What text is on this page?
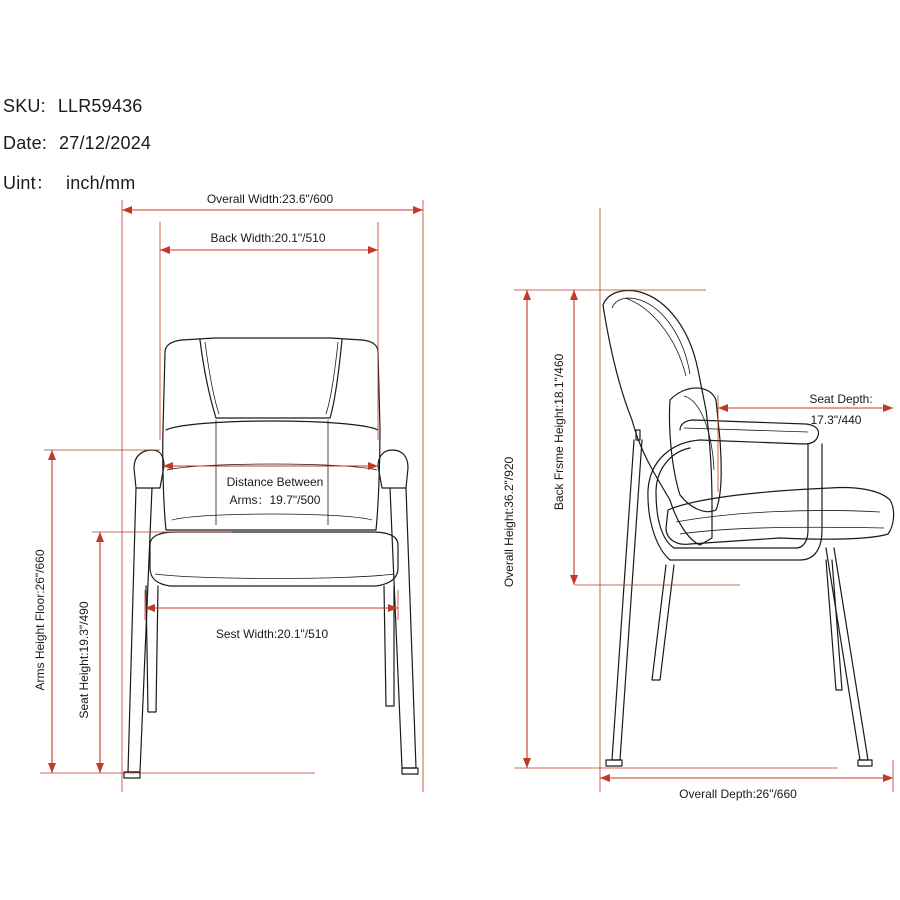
SKU: LLR59436
Date: 27/12/2024
Uint： inch/mm
Overall Width:23.6"/600
Back Width:20.1"/510
Distance Between
Arms：19.7"/500
Sest Width:20.1"/510
Arms Height Floor:26"/660	Seat Height:19.3"/490
Overall Height:36.2"/920
Back Frsme Height:18.1"/460	Seat Depth:
17.3"/440
Overall Depth:26"/660
